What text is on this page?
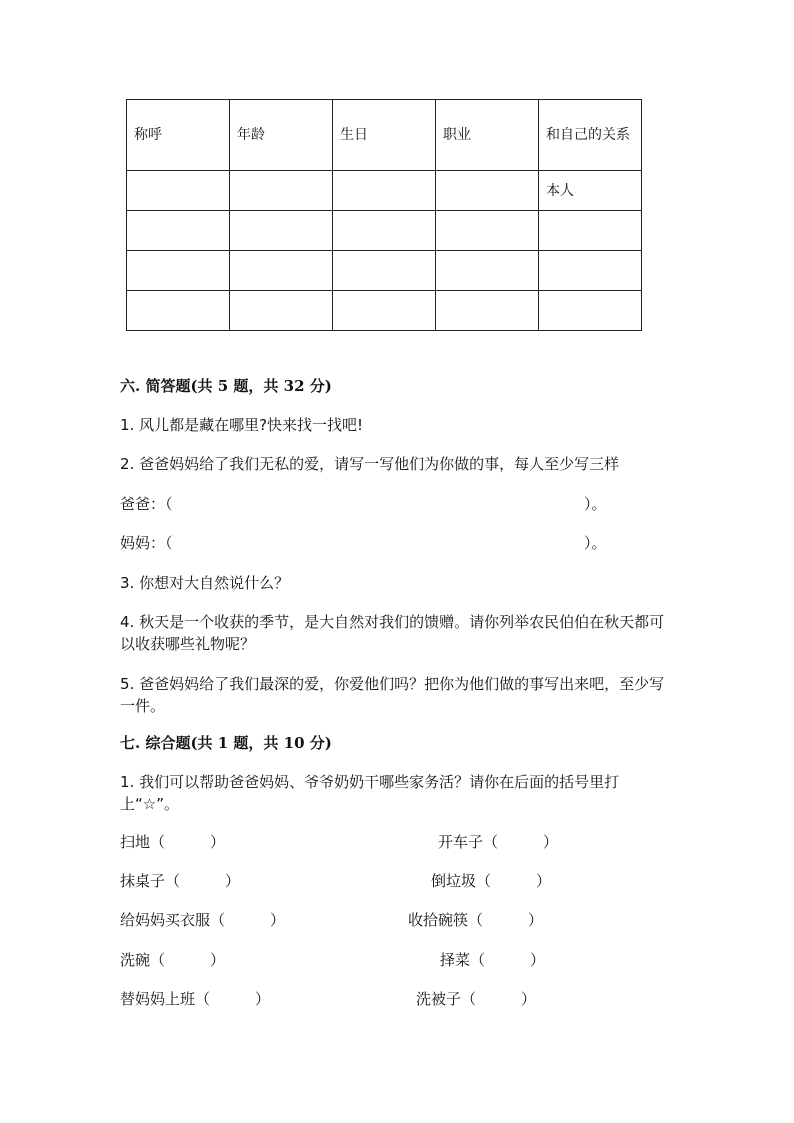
称呼	年龄	生日	职业	和自己的关系
				本人

六. 简答题(共 5 题，共 32 分)
1. 风儿都是藏在哪里?快来找一找吧!
2. 爸爸妈妈给了我们无私的爱，请写一写他们为你做的事，每人至少写三样
爸爸：（	）。
妈妈：（	）。
3. 你想对大自然说什么？
4. 秋天是一个收获的季节，是大自然对我们的馈赠。请你列举农民伯伯在秋天都可以收获哪些礼物呢？
5. 爸爸妈妈给了我们最深的爱，你爱他们吗？把你为他们做的事写出来吧，至少写一件。
七. 综合题(共 1 题，共 10 分)
1. 我们可以帮助爸爸妈妈、爷爷奶奶干哪些家务活？请你在后面的括号里打上“☆”。
扫地（　　　）	开车子（　　　）
抹桌子（　　　）	倒垃圾（　　　）
给妈妈买衣服（　　　）	收拾碗筷（　　　）
洗碗（　　　）	择菜（　　　）
替妈妈上班（　　　）	洗被子（　　　）
